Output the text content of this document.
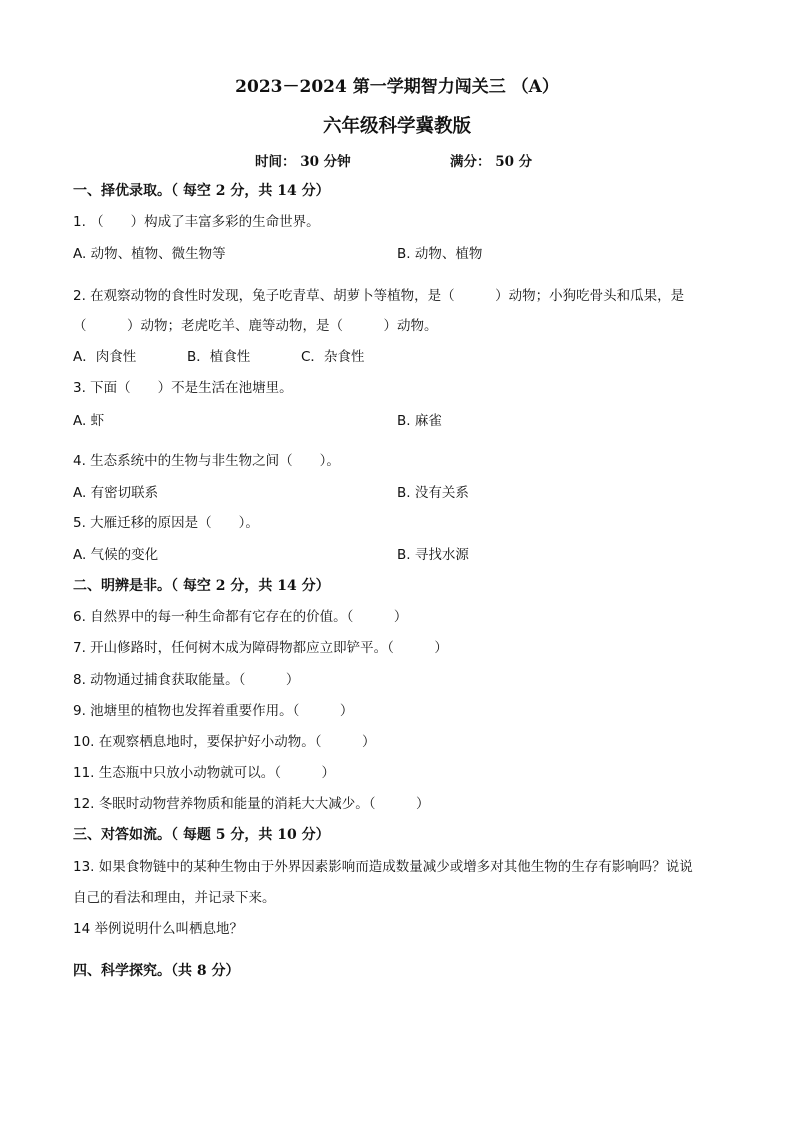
2023－2024 第一学期智力闯关三 （A）
六年级科学冀教版
时间： 30 分钟	满分： 50 分
一、择优录取。（ 每空 2 分，共 14 分）
1. （　　）构成了丰富多彩的生命世界。
A. 动物、植物、微生物等	B. 动物、植物
2. 在观察动物的食性时发现，兔子吃青草、胡萝卜等植物，是（　　　）动物；小狗吃骨头和瓜果，是
（　　　）动物；老虎吃羊、鹿等动物，是（　　　）动物。
A．肉食性	B．植食性	C．杂食性
3. 下面（　　）不是生活在池塘里。
A. 虾	B. 麻雀
4. 生态系统中的生物与非生物之间（　　）。
A. 有密切联系	B. 没有关系
5. 大雁迁移的原因是（　　）。
A. 气候的变化	B. 寻找水源
二、明辨是非。（ 每空 2 分，共 14 分）
6. 自然界中的每一种生命都有它存在的价值。（　　　）
7. 开山修路时，任何树木成为障碍物都应立即铲平。（　　　）
8. 动物通过捕食获取能量。（　　　）
9. 池塘里的植物也发挥着重要作用。（　　　）
10. 在观察栖息地时，要保护好小动物。（　　　）
11. 生态瓶中只放小动物就可以。（　　　）
12. 冬眠时动物营养物质和能量的消耗大大减少。（　　　）
三、对答如流。（ 每题 5 分，共 10 分）
13. 如果食物链中的某种生物由于外界因素影响而造成数量减少或增多对其他生物的生存有影响吗？说说
自己的看法和理由，并记录下来。
14 举例说明什么叫栖息地？
四、科学探究。（共 8 分）
